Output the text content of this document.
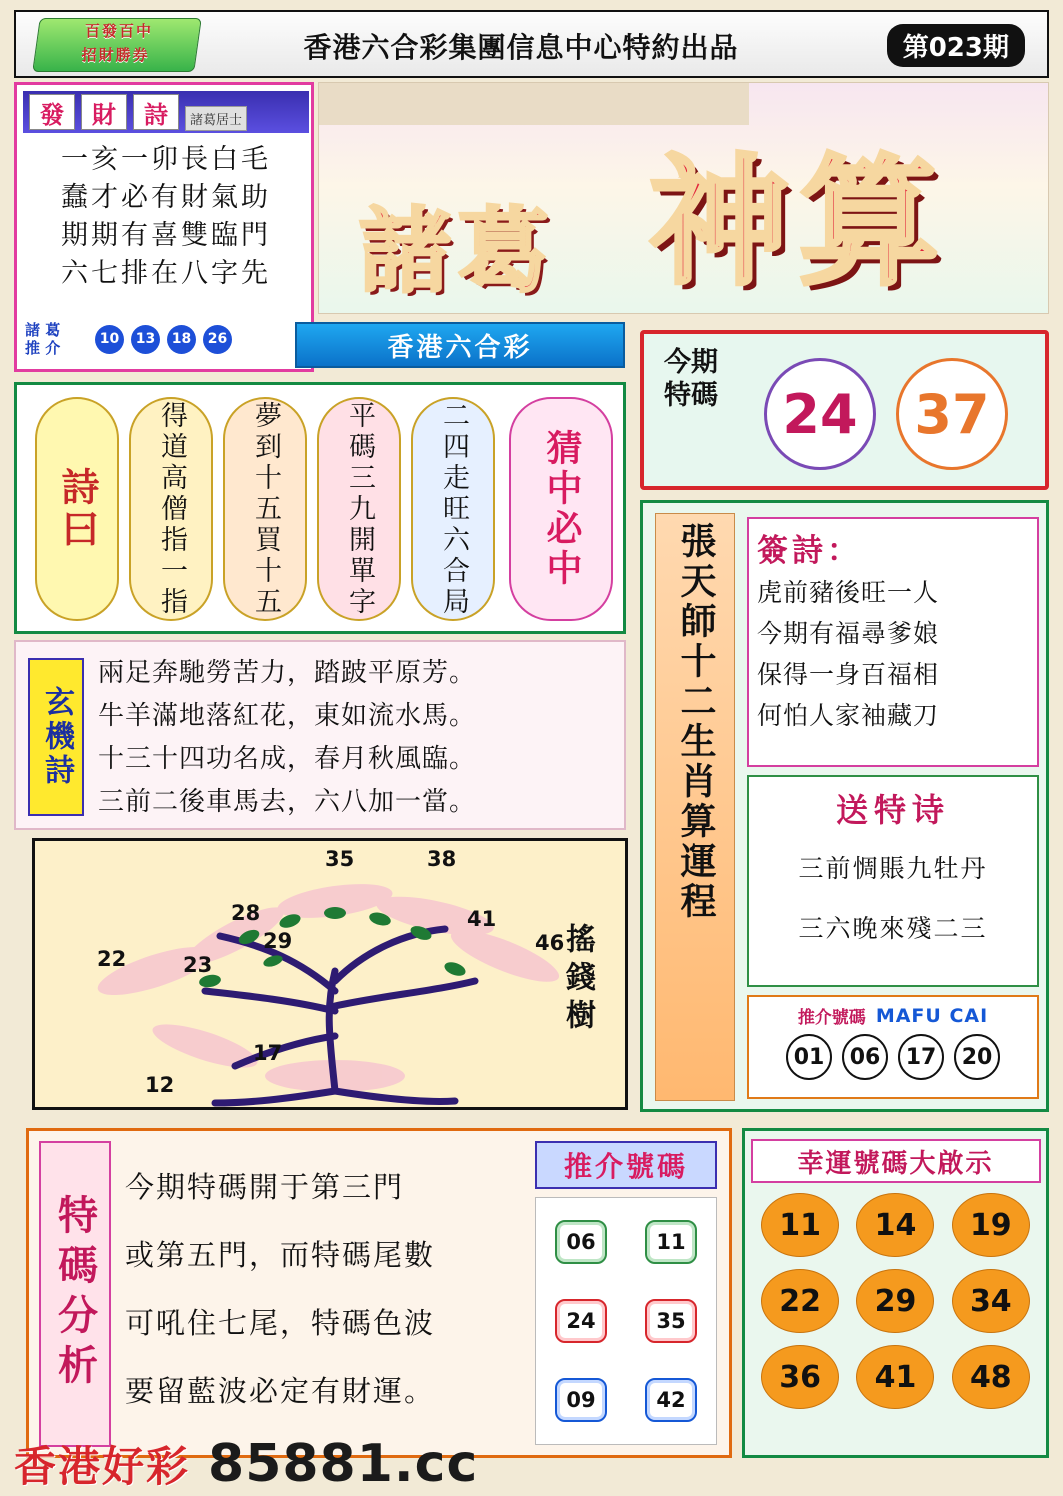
百發百中
招財勝券	香港六合彩集團信息中心特約出品	第023期
發	財	詩	諸葛居士
一亥一卯長白毛
蠢才必有財氣助
期期有喜雙臨門
六七排在八字先
諸 葛
推 介	10	13	18	26
諸葛 神算
香港六合彩	今期特碼	24	37
詩曰 得道高僧指一指 夢到十五買十五 平碼三九開單字 二四走旺六合局 猜中必中
玄機詩
兩足奔馳勞苦力，踏跛平原芳。
牛羊滿地落紅花，東如流水馬。
十三十四功名成，春月秋風臨。
三前二後車馬去，六八加一當。
35	38
28	41
29	46
22	23
17
12
搖錢樹
張天師十二生肖算運程 簽詩：

虎前豬後旺一人

今期有福尋爹娘

保得一身百福相

何怕人家袖藏刀

送特诗

三前惆賬九牡丹

三六晚來殘二三

推介號碼 MAFU CAI
01	06	17	20
特碼分析
今期特碼開于第三門
或第五門，而特碼尾數
可吼住七尾，特碼色波
要留藍波必定有財運。
推介號碼
06	11
24	35
09	42
幸運號碼大啟示
11	14	19
22	29	34
36	41	48
香港好彩 85881.cc
